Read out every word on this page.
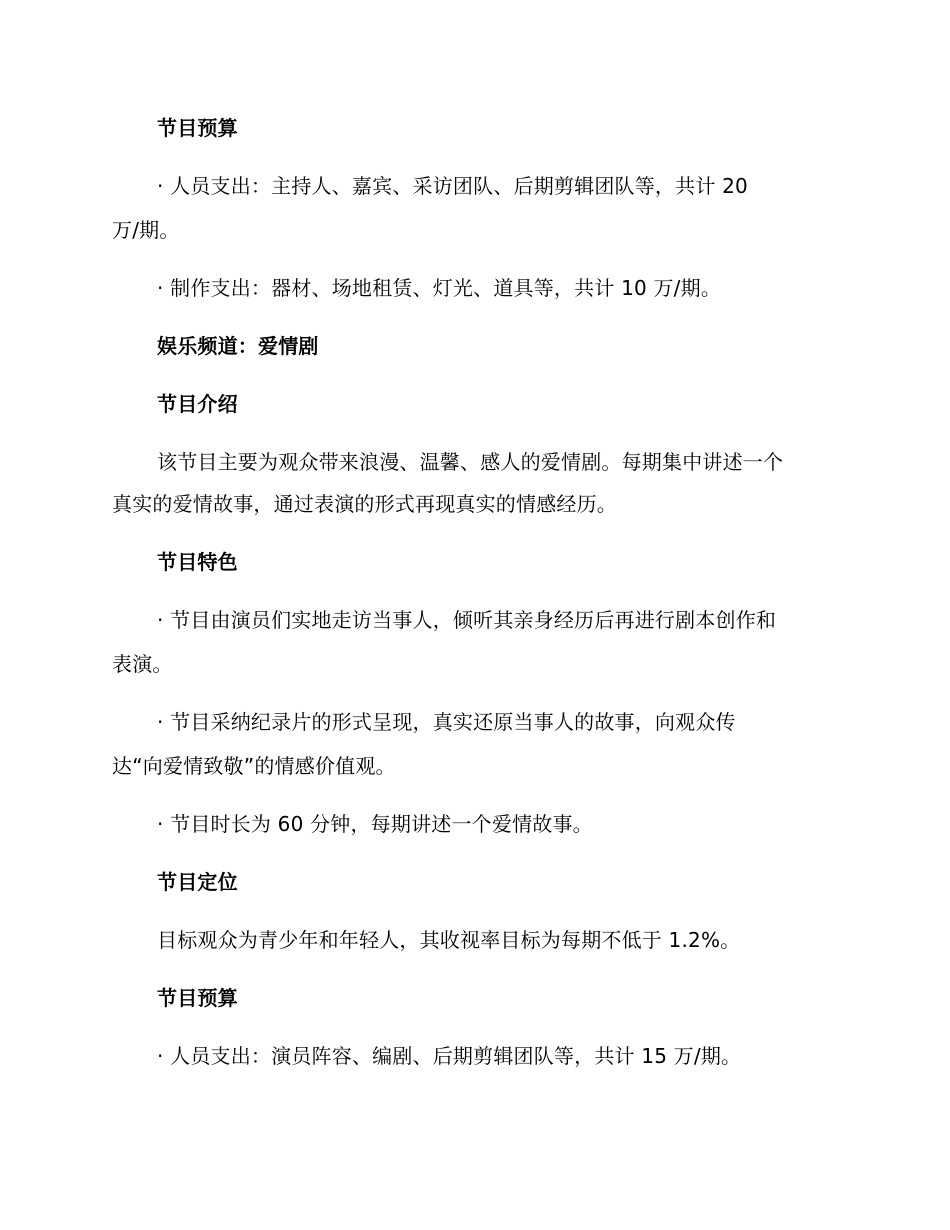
节目预算
· 人员支出：主持人、嘉宾、采访团队、后期剪辑团队等，共计 20
万/期。
· 制作支出：器材、场地租赁、灯光、道具等，共计 10 万/期。
娱乐频道：爱情剧
节目介绍
该节目主要为观众带来浪漫、温馨、感人的爱情剧。每期集中讲述一个
真实的爱情故事，通过表演的形式再现真实的情感经历。
节目特色
· 节目由演员们实地走访当事人，倾听其亲身经历后再进行剧本创作和
表演。
· 节目采纳纪录片的形式呈现，真实还原当事人的故事，向观众传
达“向爱情致敬”的情感价值观。
· 节目时长为 60 分钟，每期讲述一个爱情故事。
节目定位
目标观众为青少年和年轻人，其收视率目标为每期不低于 1.2%。
节目预算
· 人员支出：演员阵容、编剧、后期剪辑团队等，共计 15 万/期。
